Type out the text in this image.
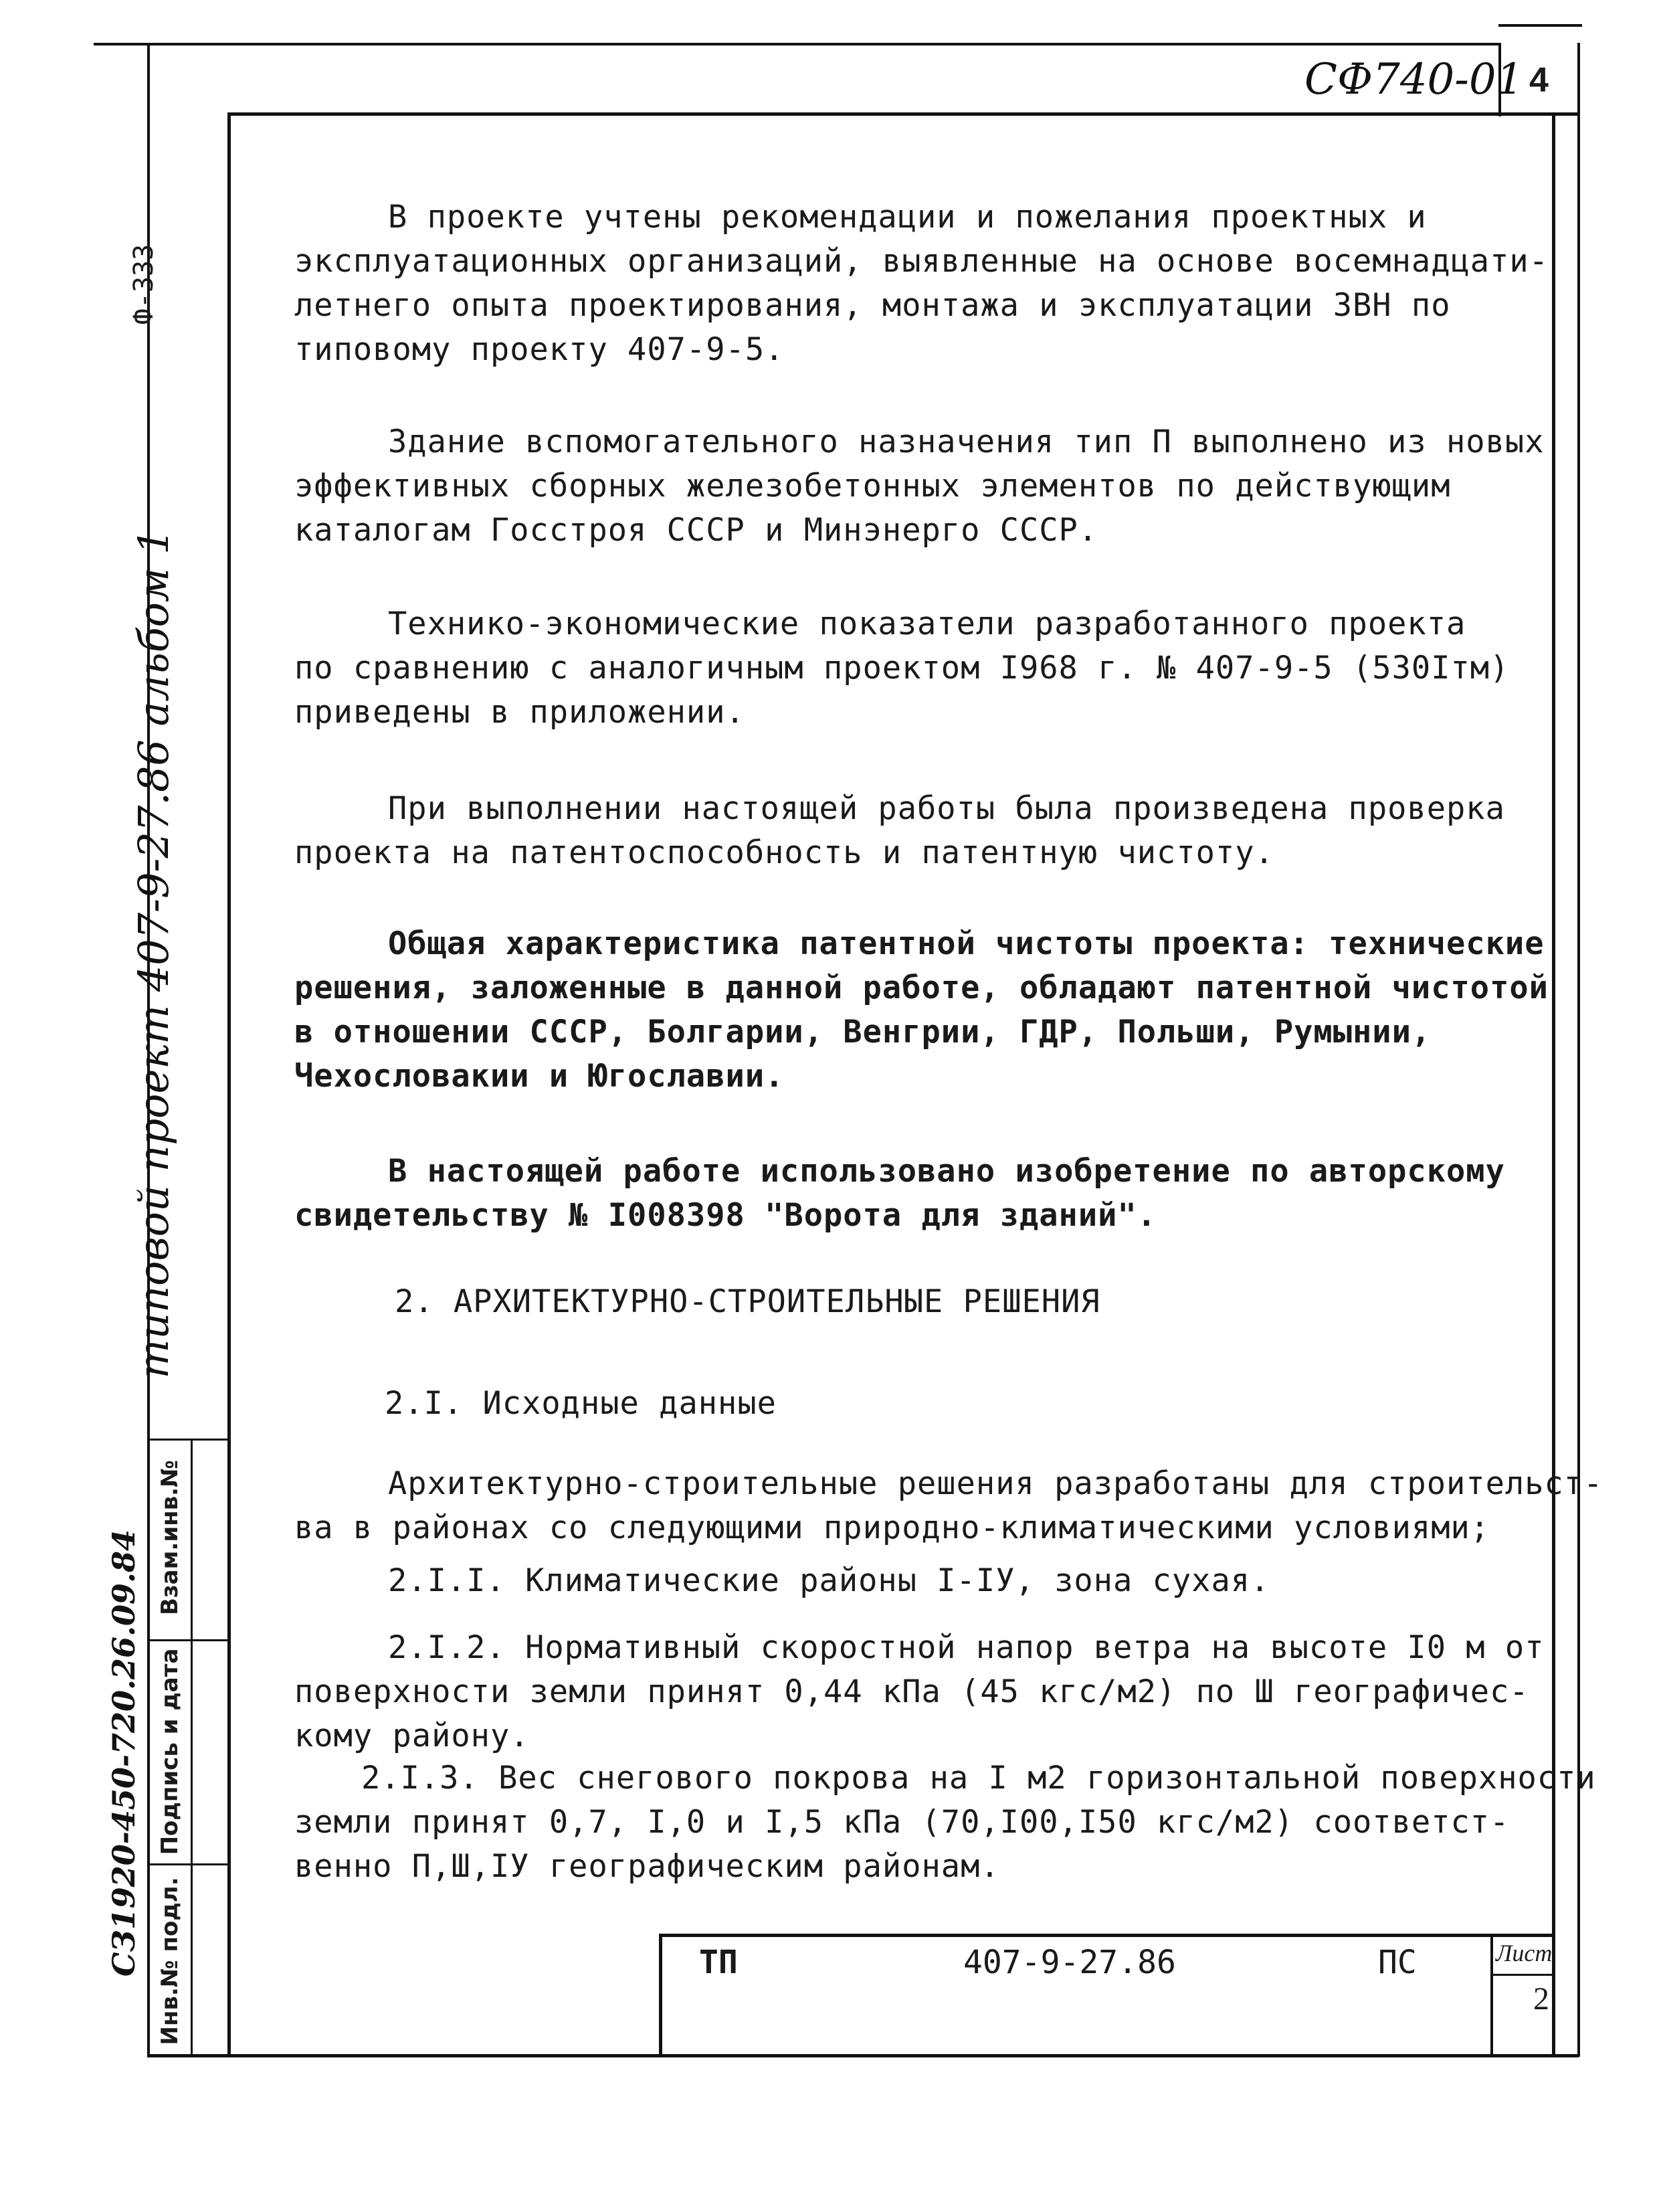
СФ740-01 4
Ф-333
типовой проект 407-9-27.86 альбом 1
Инв.№ подл.
Подпись и дата
Взам.инв.№
СЗ1920-450-720.26.09.84
В проекте учтены рекомендации и пожелания проектных и
эксплуатационных организаций, выявленные на основе восемнадцати-
летнего опыта проектирования, монтажа и эксплуатации ЗВН по
типовому проекту 407-9-5.
Здание вспомогательного назначения тип П выполнено из новых
эффективных сборных железобетонных элементов по действующим
каталогам Госстроя СССР и Минэнерго СССР.
Технико-экономические показатели разработанного проекта
по сравнению с аналогичным проектом I968 г. № 407-9-5 (530Iтм)
приведены в приложении.
При выполнении настоящей работы была произведена проверка
проекта на патентоспособность и патентную чистоту.
Общая характеристика патентной чистоты проекта: технические
решения, заложенные в данной работе, обладают патентной чистотой
в отношении СССР, Болгарии, Венгрии, ГДР, Польши, Румынии,
Чехословакии и Югославии.
В настоящей работе использовано изобретение по авторскому
свидетельству № I008398 "Ворота для зданий".
2. АРХИТЕКТУРНО-СТРОИТЕЛЬНЫЕ РЕШЕНИЯ
2.I. Исходные данные
Архитектурно-строительные решения разработаны для строительст-
ва в районах со следующими природно-климатическими условиями;
2.I.I. Климатические районы I-IУ, зона сухая.
2.I.2. Нормативный скоростной напор ветра на высоте I0 м от
поверхности земли принят 0,44 кПа (45 кгс/м2) по Ш географичес-
кому району.
2.I.3. Вес снегового покрова на I м2 горизонтальной поверхности
земли принят 0,7, I,0 и I,5 кПа (70,I00,I50 кгс/м2) соответст-
венно П,Ш,IУ географическим районам.
ТП	407-9-27.86	ПС	Лист
2
